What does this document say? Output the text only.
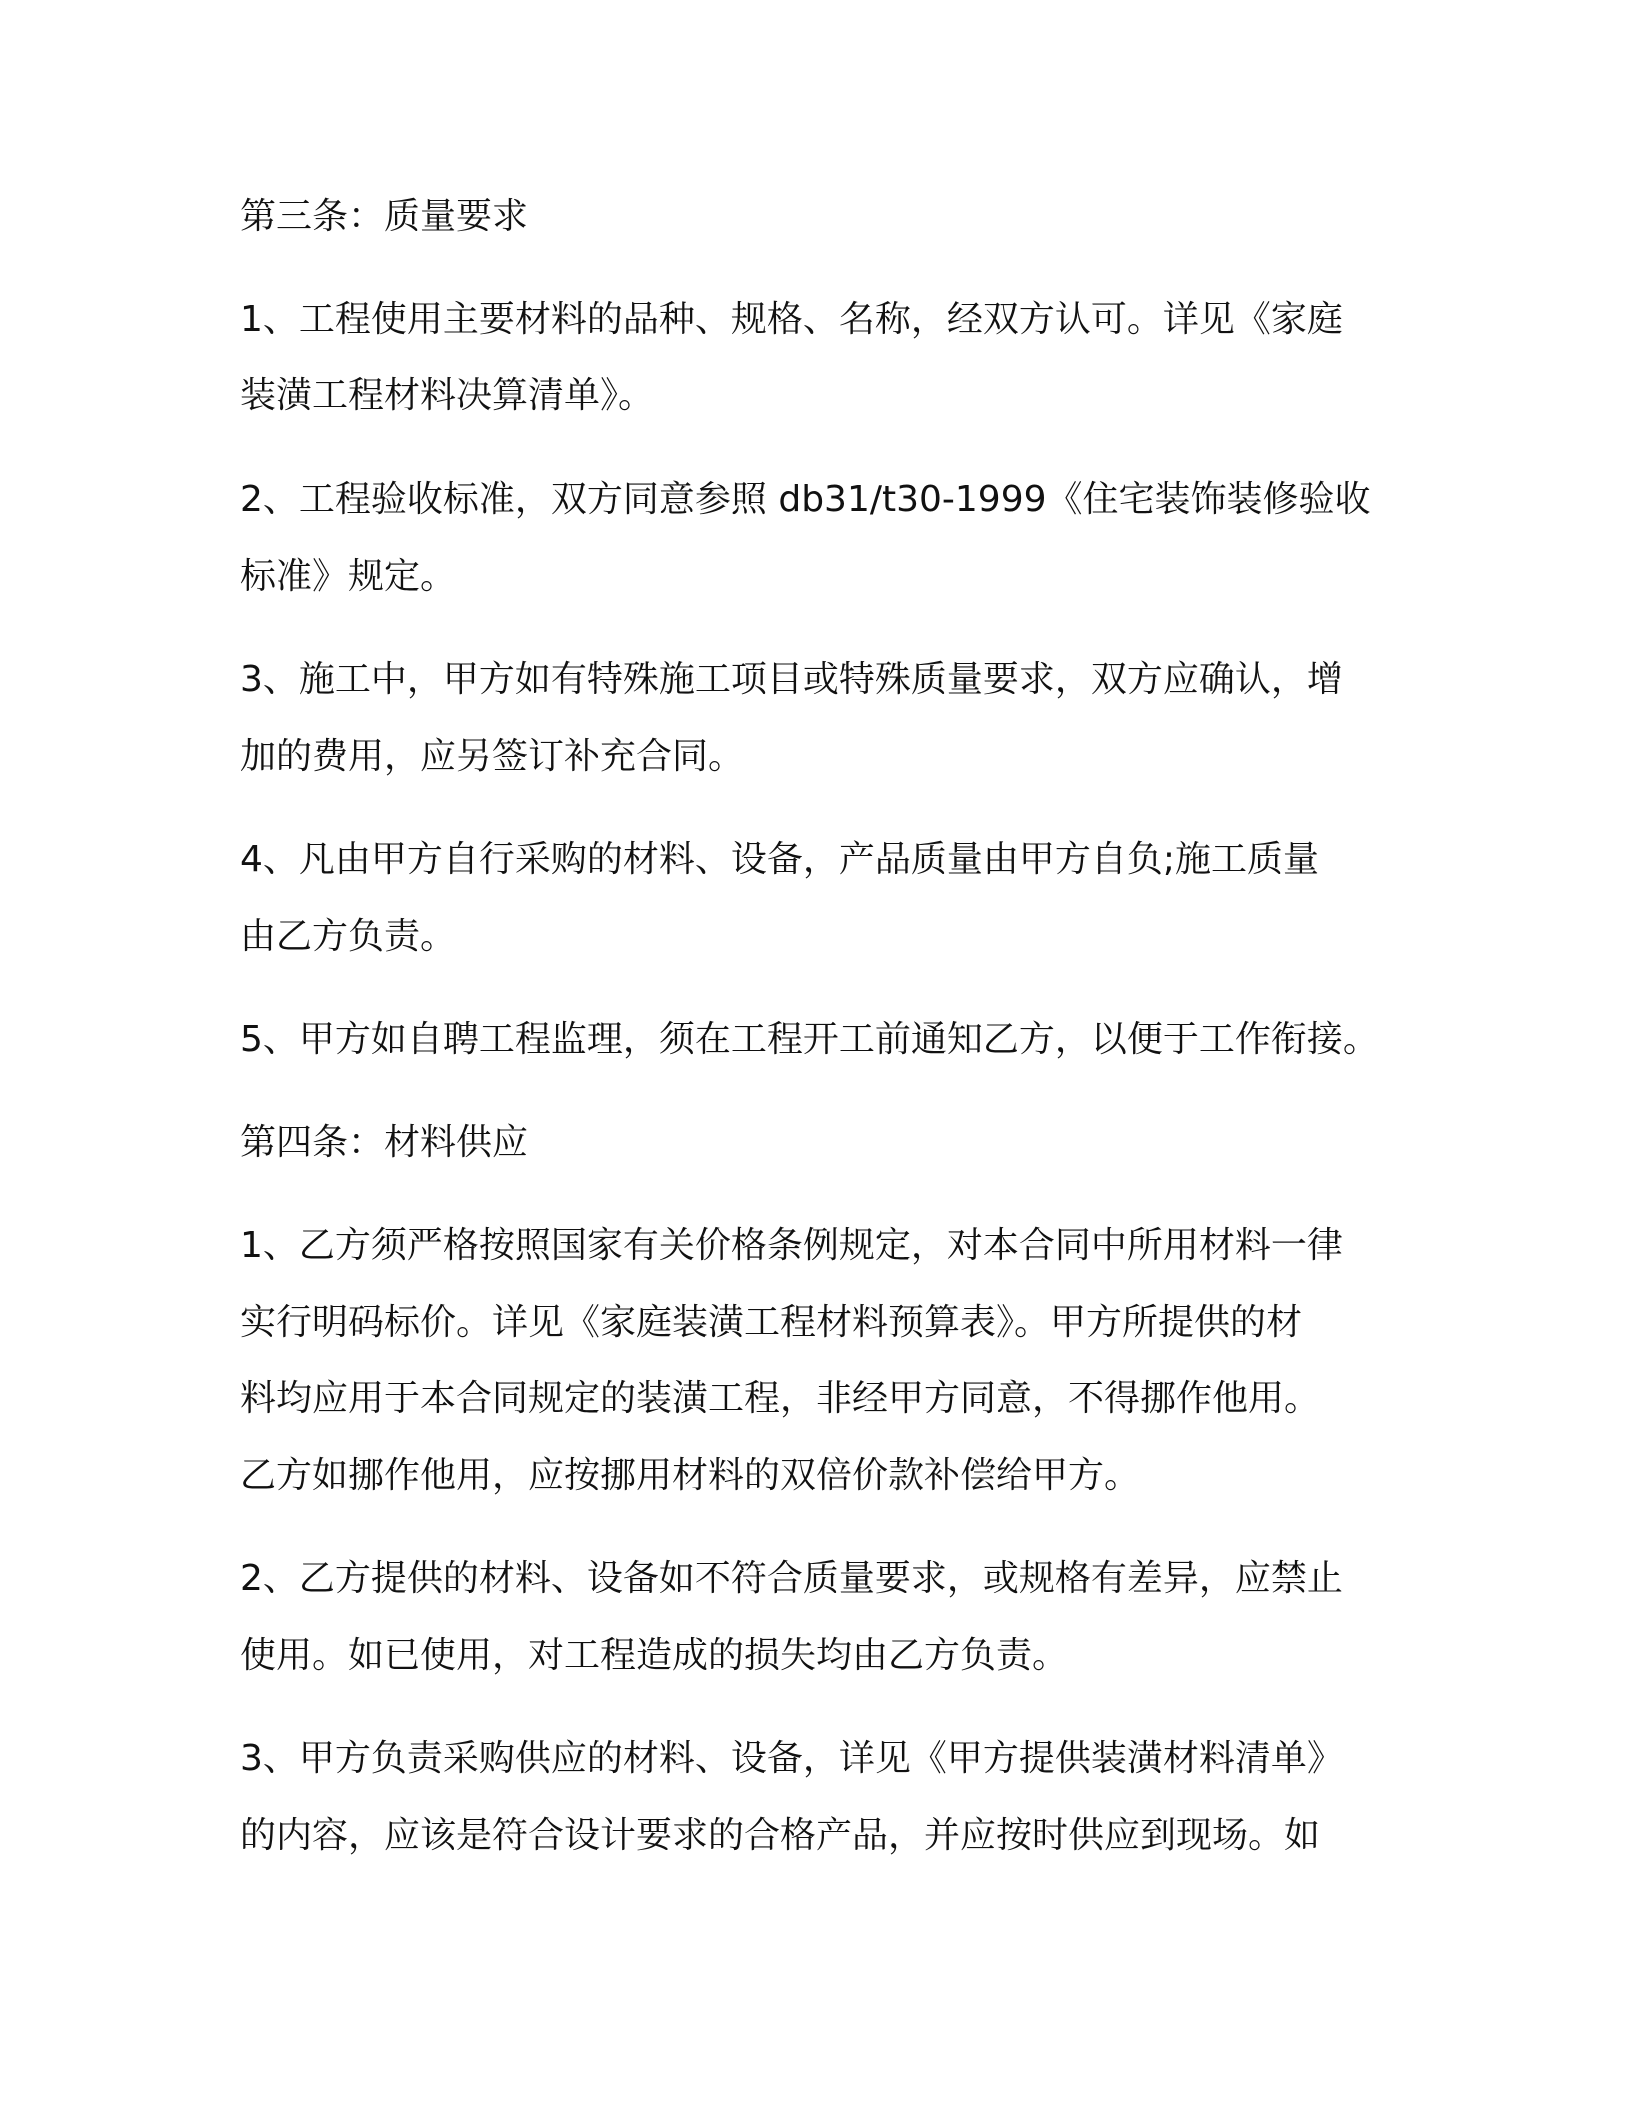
第三条：质量要求

1、工程使用主要材料的品种、规格、名称，经双方认可。详见《家庭

装潢工程材料决算清单》。

2、工程验收标准，双方同意参照 db31/t30-1999《住宅装饰装修验收

标准》规定。

3、施工中，甲方如有特殊施工项目或特殊质量要求，双方应确认，增

加的费用，应另签订补充合同。

4、凡由甲方自行采购的材料、设备，产品质量由甲方自负;施工质量

由乙方负责。

5、甲方如自聘工程监理，须在工程开工前通知乙方，以便于工作衔接。

第四条：材料供应

1、乙方须严格按照国家有关价格条例规定，对本合同中所用材料一律

实行明码标价。详见《家庭装潢工程材料预算表》。甲方所提供的材

料均应用于本合同规定的装潢工程，非经甲方同意，不得挪作他用。

乙方如挪作他用，应按挪用材料的双倍价款补偿给甲方。

2、乙方提供的材料、设备如不符合质量要求，或规格有差异，应禁止

使用。如已使用，对工程造成的损失均由乙方负责。

3、甲方负责采购供应的材料、设备，详见《甲方提供装潢材料清单》

的内容，应该是符合设计要求的合格产品，并应按时供应到现场。如
